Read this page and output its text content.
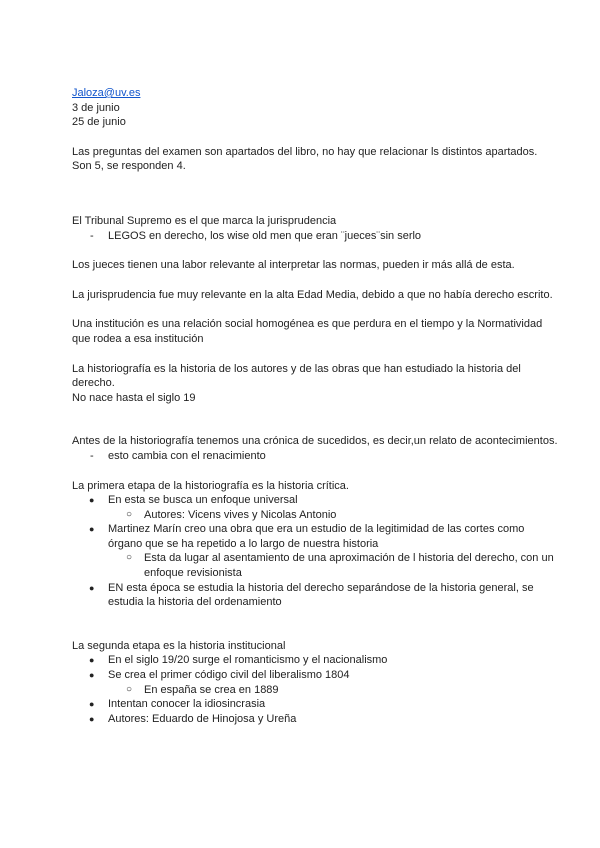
Jaloza@uv.es

3 de junio

25 de junio

Las preguntas del examen son apartados del libro, no hay que relacionar ls distintos apartados.

Son 5, se responden 4.

El Tribunal Supremo es el que marca la jurisprudencia

- LEGOS en derecho, los wise old men que eran ¨jueces¨sin serlo

Los jueces tienen una labor relevante al interpretar las normas, pueden ir más allá de esta.

La jurisprudencia fue muy relevante en la alta Edad Media, debido a que no había derecho escrito.

Una institución es una relación social homogénea es que perdura en el tiempo y la Normatividad que rodea a esa institución

La historiografía es la historia de los autores y de las obras que han estudiado la historia del derecho.

No nace hasta el siglo 19

Antes de la historiografía tenemos una crónica de sucedidos, es decir,un relato de acontecimientos.

- esto cambia con el renacimiento

La primera etapa de la historiografía es la historia crítica.

● En esta se busca un enfoque universal
○ Autores: Vicens vives y Nicolas Antonio
● Martinez Marín creo una obra que era un estudio de la legitimidad de las cortes como órgano que se ha repetido a lo largo de nuestra historia
○ Esta da lugar al asentamiento de una aproximación de l historia del derecho, con un enfoque revisionista
● EN esta época se estudia la historia del derecho separándose de la historia general, se estudia la historia del ordenamiento

La segunda etapa es la historia institucional

● En el siglo 19/20 surge el romanticismo y el nacionalismo
● Se crea el primer código civil del liberalismo 1804
○ En españa se crea en 1889
● Intentan conocer la idiosincrasia
● Autores: Eduardo de Hinojosa y Ureña
